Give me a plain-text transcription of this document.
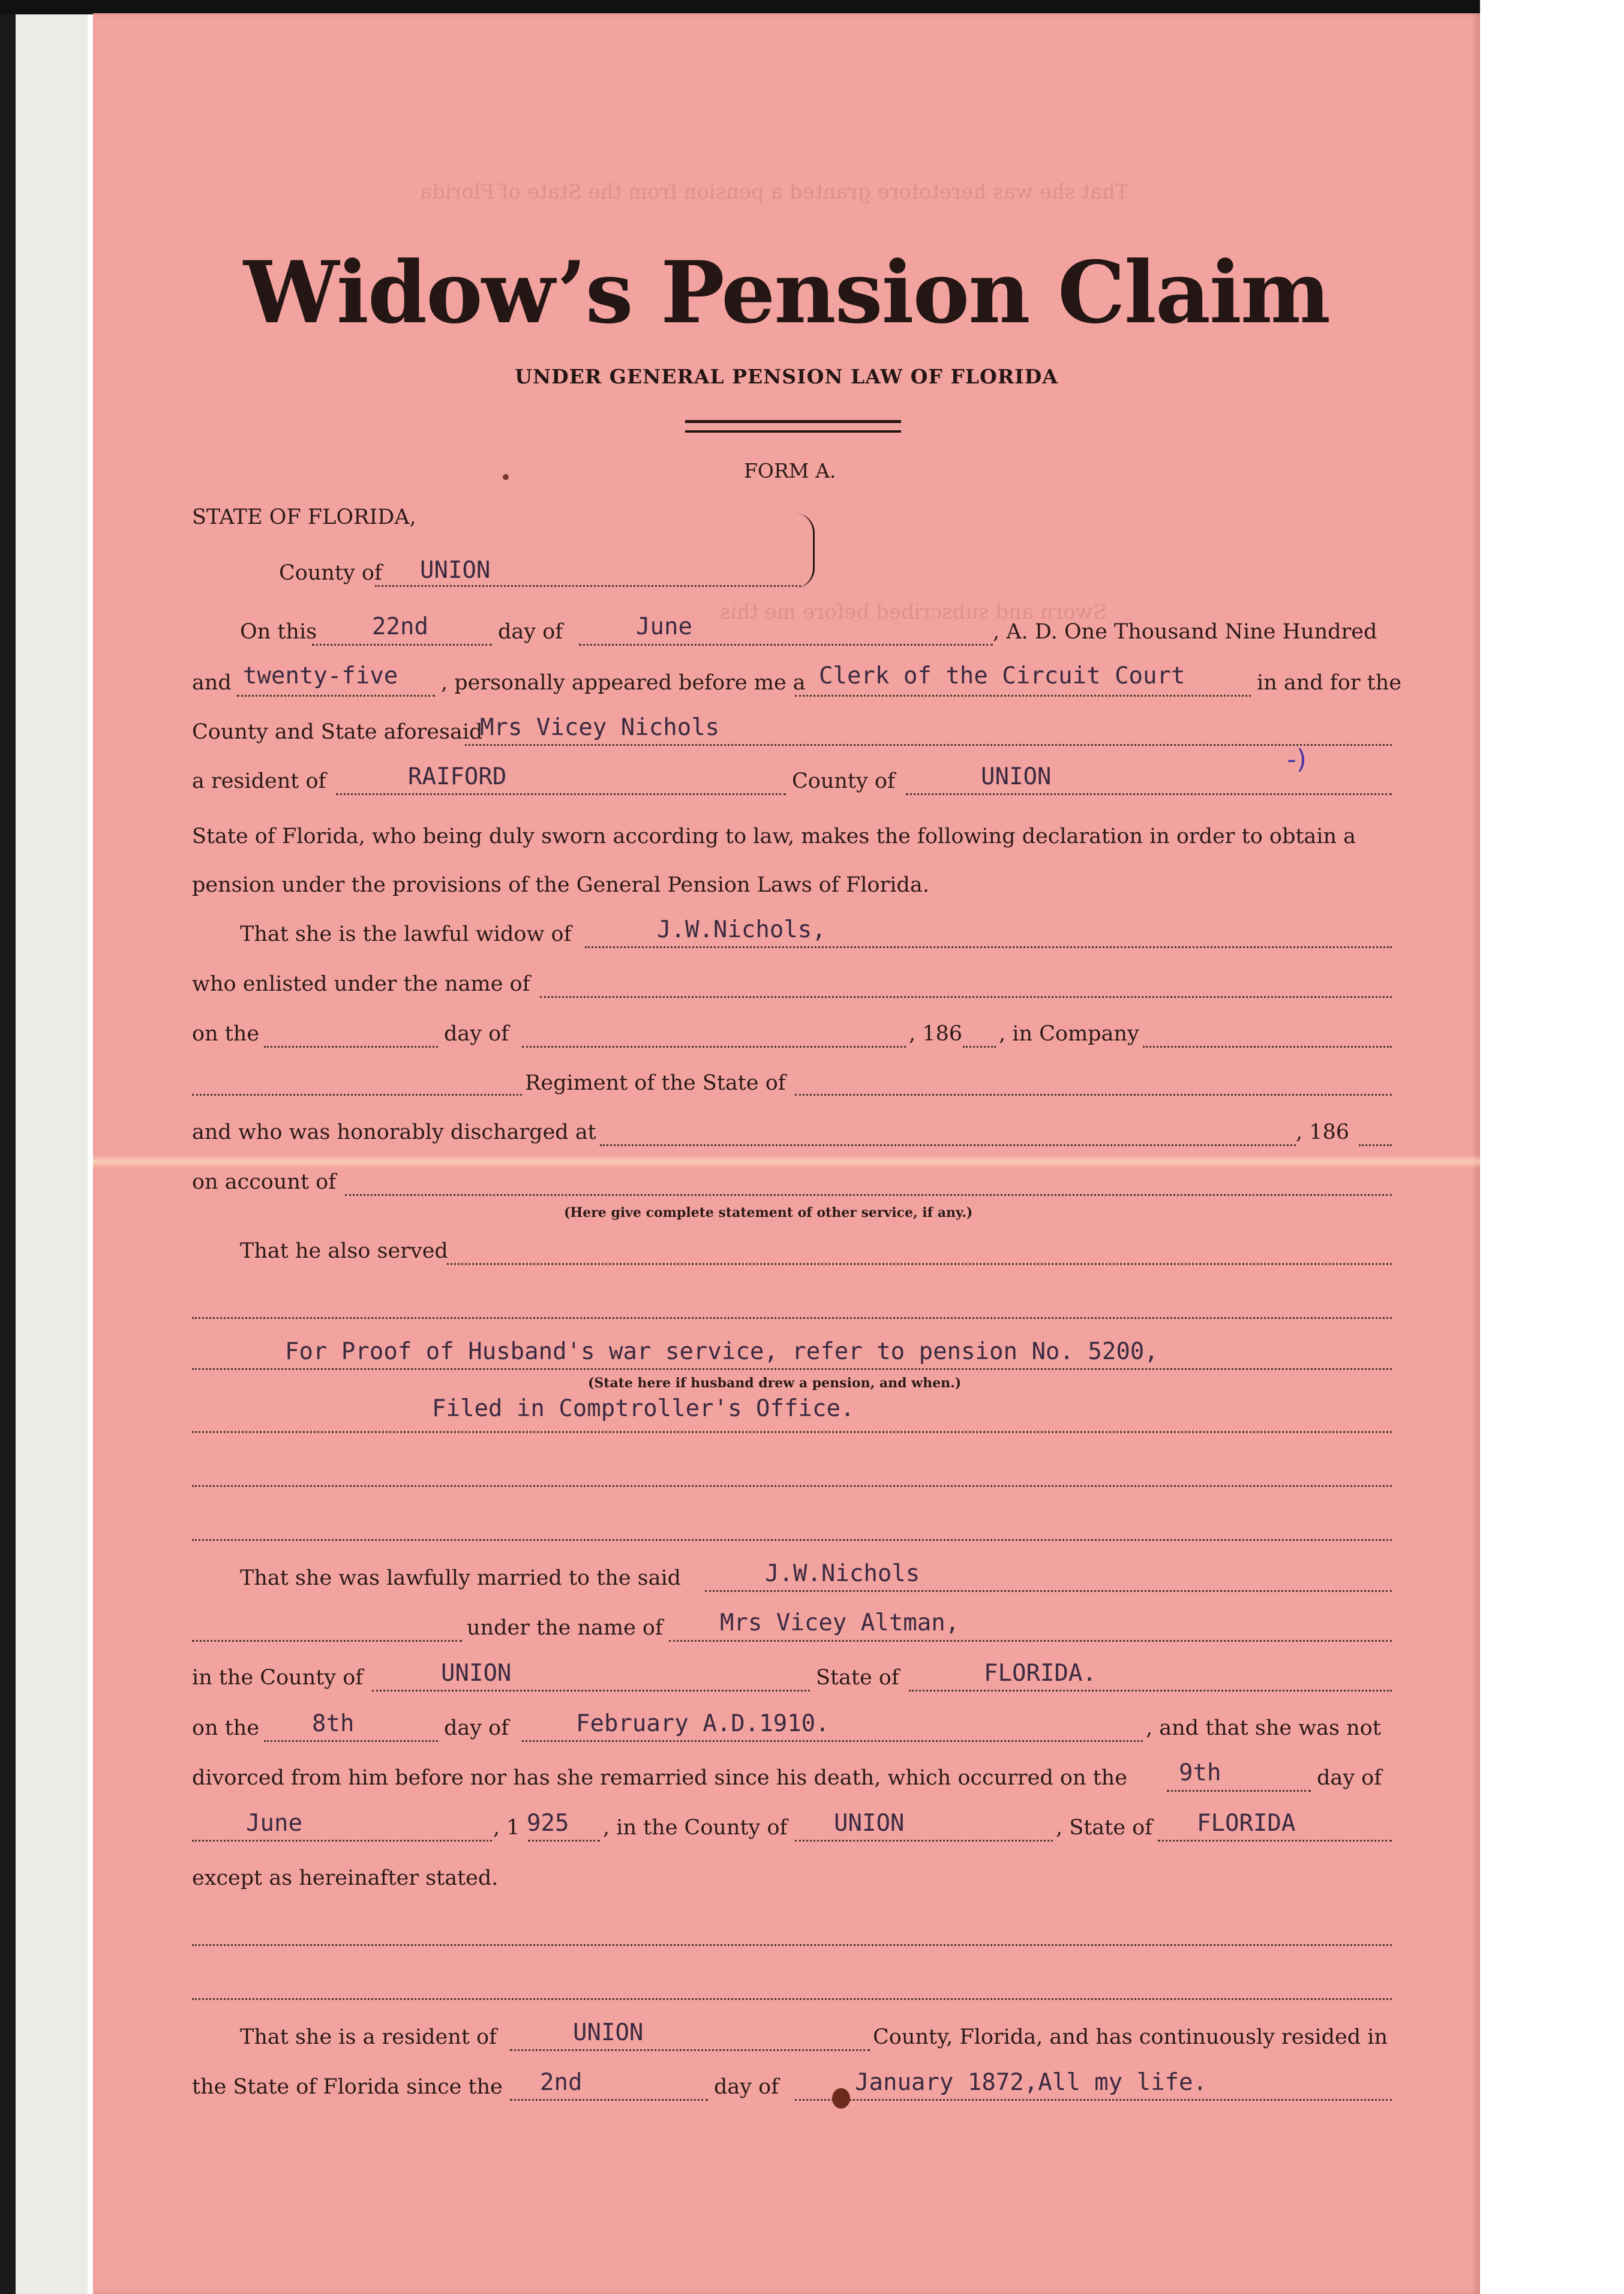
That she was heretofore granted a pension from the State of Florida
Sworn and subscribed before me this
Widow’s Pension Claim
UNDER GENERAL PENSION LAW OF FLORIDA
FORM A.
STATE OF FLORIDA,
County of UNION
On this 22nd	day of	June	, A. D. One Thousand Nine Hundred
and twenty-five , personally appeared before me a Clerk of the Circuit Court	in and for the
County and State aforesaid
Mrs Vicey Nichols
a resident of	RAIFORD	County of	UNION
-)
State of Florida, who being duly sworn according to law, makes the following declaration in order to obtain a
pension under the provisions of the General Pension Laws of Florida.
That she is the lawful widow of	J.W.Nichols,
who enlisted under the name of
on the	day of	, 186 , in Company
Regiment of the State of
and who was honorably discharged at	, 186
on account of
(Here give complete statement of other service, if any.)
That he also served
For Proof of Husband's war service, refer to pension No. 5200,
(State here if husband drew a pension, and when.)
Filed in Comptroller's Office.
That she was lawfully married to the said	J.W.Nichols
under the name of Mrs Vicey Altman,
in the County of	UNION	State of	FLORIDA.
on the 8th	day of	February A.D.1910.	, and that she was not
divorced from him before nor has she remarried since his death, which occurred on the 9th	day of
June	, 1 925 , in the County of UNION	, State of FLORIDA
except as hereinafter stated.
That she is a resident of	UNION	County, Florida, and has continuously resided in
the State of Florida since the 2nd	day of	January 1872,All my life.
